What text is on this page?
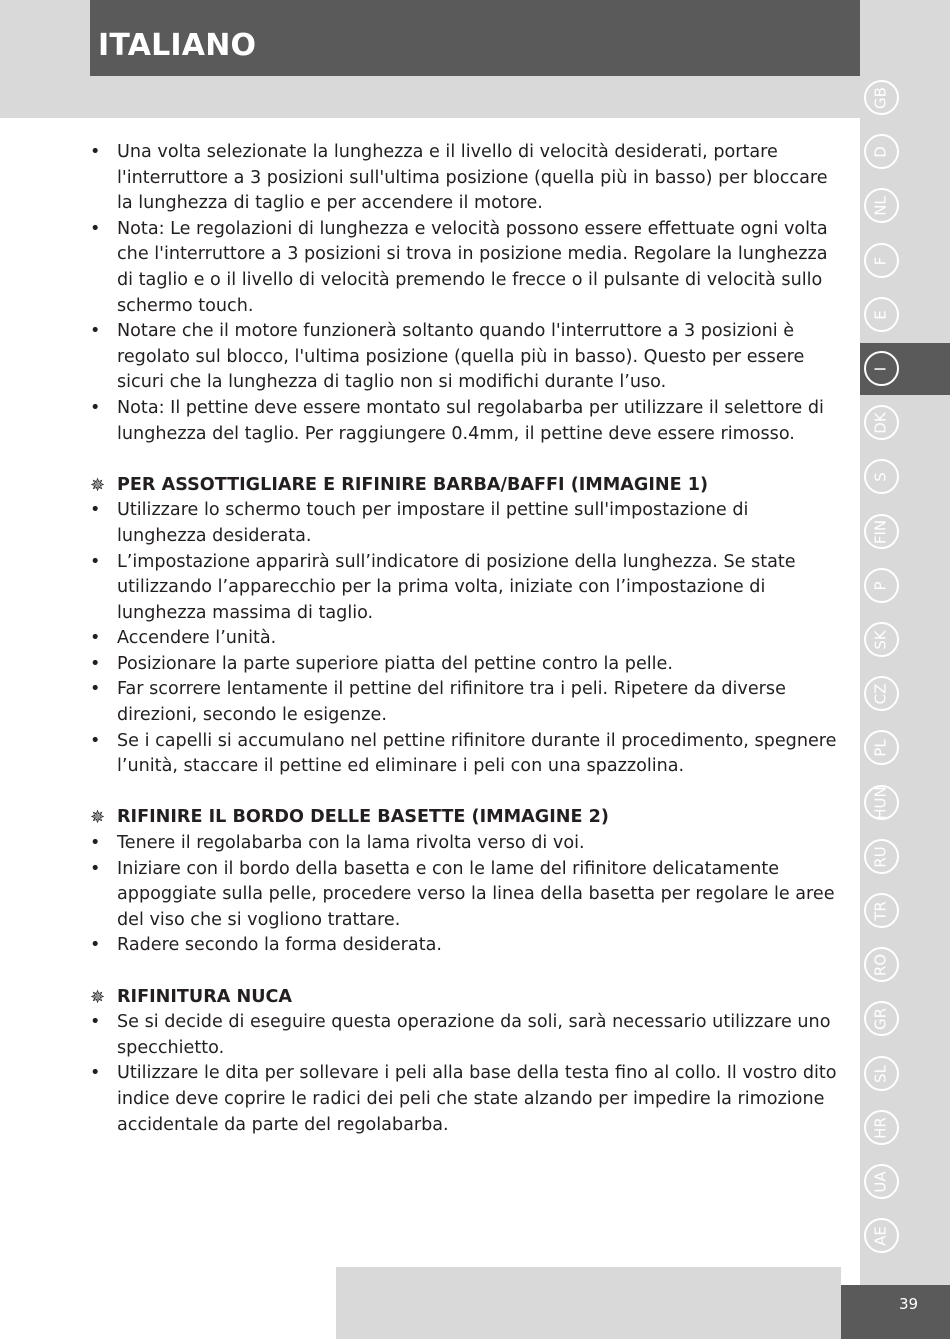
ITALIANO
GB
D
NL
F
E
I
DK
S
FIN
P
SK
CZ
PL
HUN
RU
TR
RO
GR
SL
HR
UA
AE
• Una volta selezionate la lunghezza e il livello di velocità desiderati, portare l'interruttore a 3 posizioni sull'ultima posizione (quella più in basso) per bloccare la lunghezza di taglio e per accendere il motore.
• Nota: Le regolazioni di lunghezza e velocità possono essere effettuate ogni volta che l'interruttore a 3 posizioni si trova in posizione media. Regolare la lunghezza di taglio e o il livello di velocità premendo le frecce o il pulsante di velocità sullo schermo touch.
• Notare che il motore funzionerà soltanto quando l'interruttore a 3 posizioni è regolato sul blocco, l'ultima posizione (quella più in basso). Questo per essere sicuri che la lunghezza di taglio non si modifichi durante l’uso.
• Nota: Il pettine deve essere montato sul regolabarba per utilizzare il selettore di lunghezza del taglio. Per raggiungere 0.4mm, il pettine deve essere rimosso.
✵ PER ASSOTTIGLIARE E RIFINIRE BARBA/BAFFI (IMMAGINE 1)
• Utilizzare lo schermo touch per impostare il pettine sull'impostazione di lunghezza desiderata.
• L’impostazione apparirà sull’indicatore di posizione della lunghezza. Se state utilizzando l’apparecchio per la prima volta, iniziate con l’impostazione di lunghezza massima di taglio.
• Accendere l’unità.
• Posizionare la parte superiore piatta del pettine contro la pelle.
• Far scorrere lentamente il pettine del rifinitore tra i peli. Ripetere da diverse direzioni, secondo le esigenze.
• Se i capelli si accumulano nel pettine rifinitore durante il procedimento, spegnere l’unità, staccare il pettine ed eliminare i peli con una spazzolina.
✵ RIFINIRE IL BORDO DELLE BASETTE (IMMAGINE 2)
• Tenere il regolabarba con la lama rivolta verso di voi.
• Iniziare con il bordo della basetta e con le lame del rifinitore delicatamente appoggiate sulla pelle, procedere verso la linea della basetta per regolare le aree del viso che si vogliono trattare.
• Radere secondo la forma desiderata.
✵ RIFINITURA NUCA
• Se si decide di eseguire questa operazione da soli, sarà necessario utilizzare uno specchietto.
• Utilizzare le dita per sollevare i peli alla base della testa fino al collo. Il vostro dito indice deve coprire le radici dei peli che state alzando per impedire la rimozione accidentale da parte del regolabarba.
39
